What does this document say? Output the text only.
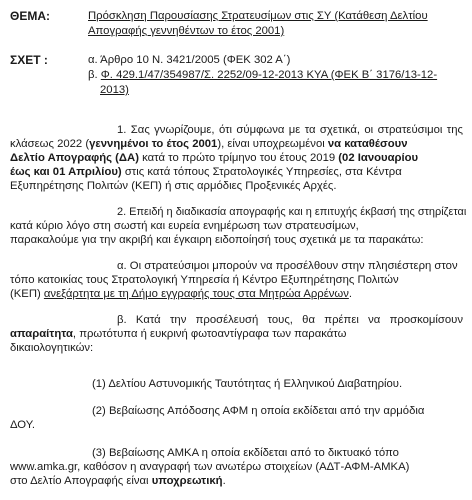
ΘΕΜΑ:	Πρόσκληση Παρουσίασης Στρατευσίμων στις ΣΥ (Κατάθεση Δελτίου
Απογραφής γεννηθέντων το έτος 2001)
ΣΧΕΤ :	α. Άρθρο 10 Ν. 3421/2005 (ΦΕΚ 302 Α΄)
β. Φ. 429.1/47/354987/Σ. 2252/09-12-2013 ΚΥΑ (ΦΕΚ Β΄ 3176/13-12-
2013)
1. Σας γνωρίζουμε, ότι σύμφωνα με τα σχετικά, οι στρατεύσιμοι της
κλάσεως 2022 (γεννημένοι το έτος 2001), είναι υποχρεωμένοι να καταθέσουν
Δελτίο Απογραφής (ΔΑ) κατά το πρώτο τρίμηνο του έτους 2019 (02 Ιανουαρίου
έως και 01 Απριλίου) στις κατά τόπους Στρατολογικές Υπηρεσίες, στα Κέντρα
Εξυπηρέτησης Πολιτών (ΚΕΠ) ή στις αρμόδιες Προξενικές Αρχές.
2. Επειδή η διαδικασία απογραφής και η επιτυχής έκβασή της στηρίζεται
κατά κύριο λόγο στη σωστή και ευρεία ενημέρωση των στρατευσίμων,
παρακαλούμε για την ακριβή και έγκαιρη ειδοποίησή τους σχετικά με τα παρακάτω:
α. Οι στρατεύσιμοι μπορούν να προσέλθουν στην πλησιέστερη στον
τόπο κατοικίας τους Στρατολογική Υπηρεσία ή Κέντρο Εξυπηρέτησης Πολιτών
(ΚΕΠ) ανεξάρτητα με τη Δήμο εγγραφής τους στα Μητρώα Αρρένων.
β. Κατά την προσέλευσή τους, θα πρέπει να προσκομίσουν
απαραίτητα, πρωτότυπα ή ευκρινή φωτοαντίγραφα των παρακάτω
δικαιολογητικών:
(1) Δελτίου Αστυνομικής Ταυτότητας ή Ελληνικού Διαβατηρίου.
(2) Βεβαίωσης Απόδοσης ΑΦΜ η οποία εκδίδεται από την αρμόδια
ΔΟΥ.
(3) Βεβαίωσης ΑΜΚΑ η οποία εκδίδεται από το δικτυακό τόπο
www.amka.gr, καθόσον η αναγραφή των ανωτέρω στοιχείων (ΑΔΤ-ΑΦΜ-ΑΜΚΑ)
στο Δελτίο Απογραφής είναι υποχρεωτική.
